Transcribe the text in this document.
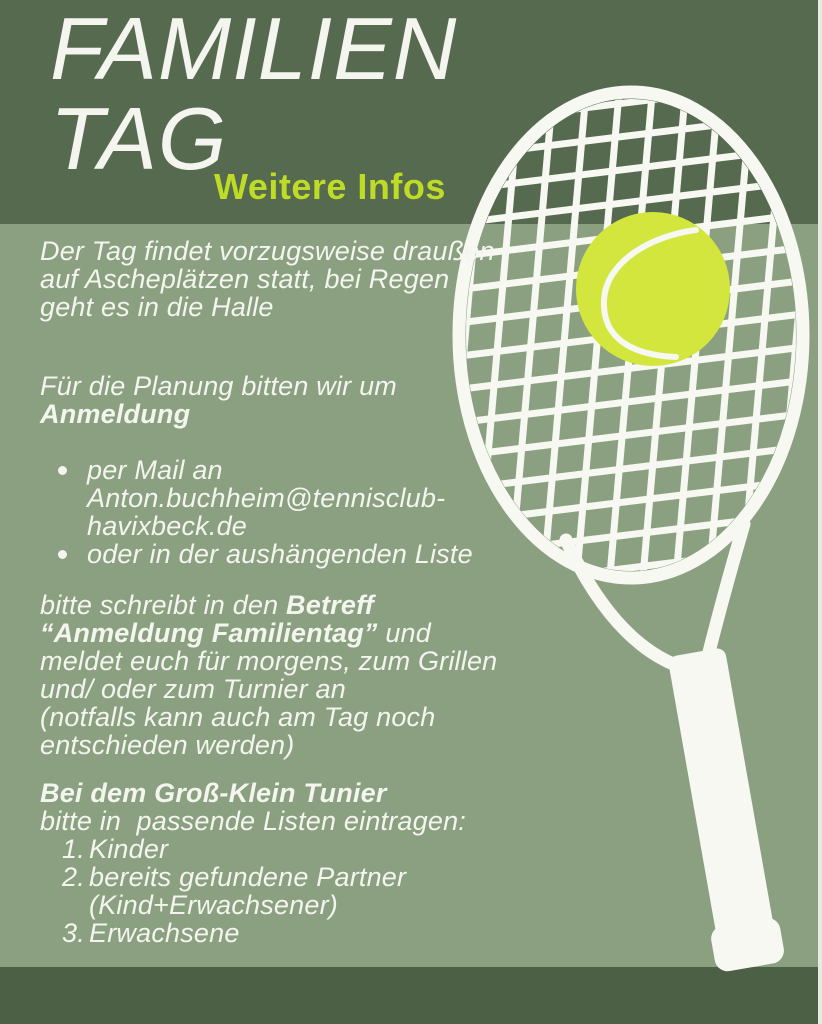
FAMILIEN
TAG
Weitere Infos
Der Tag findet vorzugsweise draußen
auf Ascheplätzen statt, bei Regen
geht es in die Halle
Für die Planung bitten wir um
Anmeldung
per Mail an
Anton.buchheim@tennisclub-
havixbeck.de
oder in der aushängenden Liste
bitte schreibt in den Betreff
“Anmeldung Familientag” und
meldet euch für morgens, zum Grillen
und/ oder zum Turnier an
(notfalls kann auch am Tag noch
entschieden werden)
Bei dem Groß-Klein Tunier
bitte in  passende Listen eintragen:
1. Kinder
2. bereits gefundene Partner
(Kind+Erwachsener)
3. Erwachsene
